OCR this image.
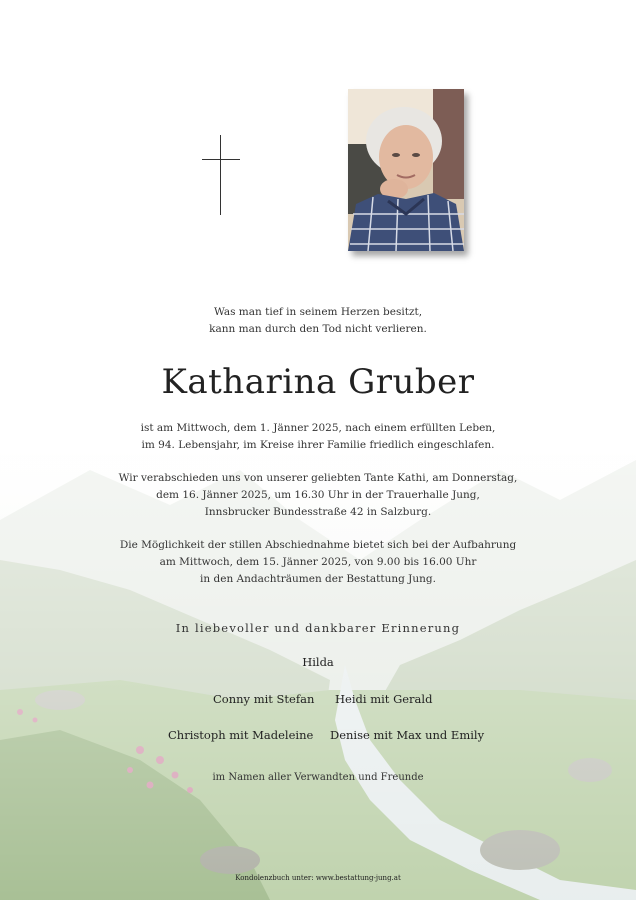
Was man tief in seinem Herzen besitzt,
kann man durch den Tod nicht verlieren.
Katharina Gruber
ist am Mittwoch, dem 1. Jänner 2025, nach einem erfüllten Leben,
im 94. Lebensjahr, im Kreise ihrer Familie friedlich eingeschlafen.
Wir verabschieden uns von unserer geliebten Tante Kathi, am Donnerstag,
dem 16. Jänner 2025, um 16.30 Uhr in der Trauerhalle Jung,
Innsbrucker Bundesstraße 42 in Salzburg.
Die Möglichkeit der stillen Abschiednahme bietet sich bei der Aufbahrung
am Mittwoch, dem 15. Jänner 2025, von 9.00 bis 16.00 Uhr
in den Andachträumen der Bestattung Jung.
In liebevoller und dankbarer Erinnerung
Hilda
Conny mit Stefan Heidi mit Gerald
Christoph mit Madeleine Denise mit Max und Emily
im Namen aller Verwandten und Freunde
Kondolenzbuch unter: www.bestattung-jung.at
